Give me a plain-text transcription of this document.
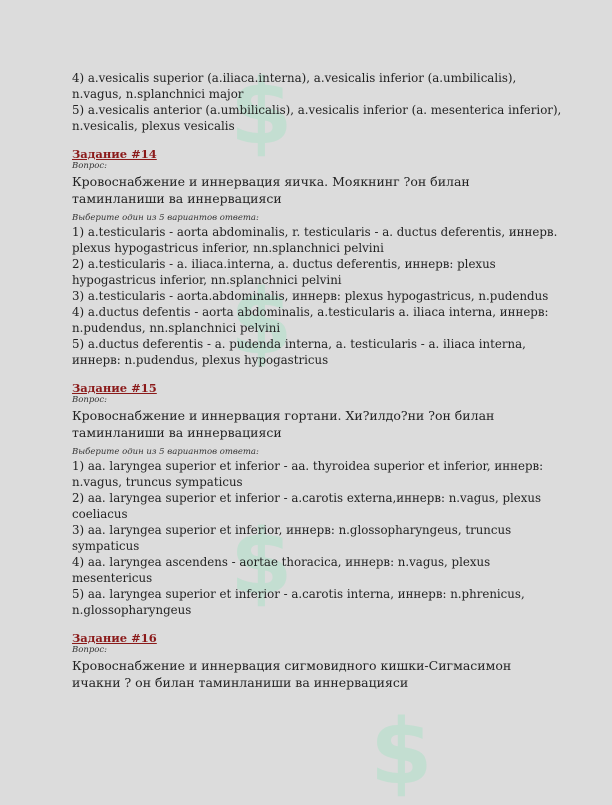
$
$
$
$

4) a.vesicalis superior (a.iliaca.interna), a.vesicalis inferior (a.umbilicalis), n.vagus, n.splanchnici major

5) a.vesicalis anterior (a.umbilicalis), a.vesicalis inferior (a. mesenterica inferior), n.vesicalis, plexus vesicalis

Задание #14
Вопрос:
Кровоснабжение и иннервация яичка. Моякнинг ?он билан таминланиши ва иннервацияси
Выберите один из 5 вариантов ответа:

1) a.testicularis - aorta abdominalis, r. testicularis - a. ductus deferentis, иннерв. plexus hypogastricus inferior, nn.splanchnici pelvini

2) a.testicularis - a. iliaca.interna, a. ductus deferentis, иннерв: plexus hypogastricus inferior, nn.splanchnici pelvini

3) a.testicularis - aorta.abdominalis, иннерв: plexus hypogastricus, n.pudendus

4) a.ductus defentis - aorta abdominalis, a.testicularis a. iliaca interna, иннерв: n.pudendus, nn.splanchnici pelvini

5) a.ductus deferentis - a. pudenda interna, a. testicularis - a. iliaca interna, иннерв: n.pudendus, plexus hypogastricus

Задание #15
Вопрос:
Кровоснабжение и иннервация гортани. Хи?илдо?ни ?он билан таминланиши ва иннервацияси
Выберите один из 5 вариантов ответа:

1) aa. laryngea superior et inferior - aa. thyroidea superior et inferior, иннерв: n.vagus, truncus sympaticus

2) aa. laryngea superior et inferior - a.carotis externa,иннерв: n.vagus, plexus coeliacus

3) aa. laryngea superior et inferior, иннерв: n.glossopharyngeus, truncus sympaticus

4) aa. laryngea ascendens - aortae thoracica, иннерв: n.vagus, plexus mesentericus

5) aa. laryngea superior et inferior - a.carotis interna, иннерв: n.phrenicus, n.glossopharyngeus

Задание #16
Вопрос:
Кровоснабжение и иннервация сигмовидного кишки-Сигмасимон ичакни ? он билан таминланиши ва иннервацияси
